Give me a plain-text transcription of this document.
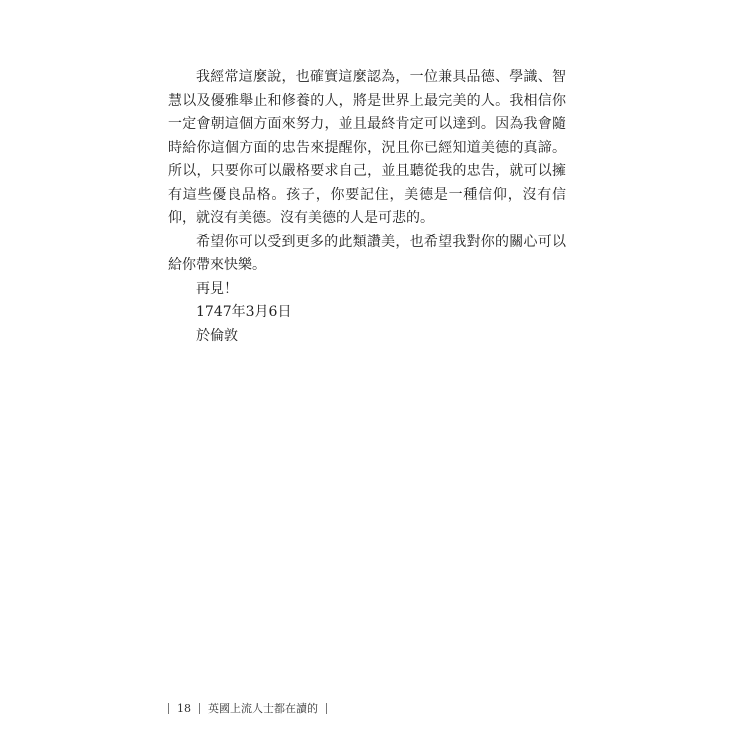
我經常這麼說，也確實這麼認為，一位兼具品德、學識、智慧以及優雅舉止和修養的人，將是世界上最完美的人。我相信你一定會朝這個方面來努力，並且最終肯定可以達到。因為我會隨時給你這個方面的忠告來提醒你，況且你已經知道美德的真諦。所以，只要你可以嚴格要求自己，並且聽從我的忠告，就可以擁有這些優良品格。孩子，你要記住，美德是一種信仰，沒有信仰，就沒有美德。沒有美德的人是可悲的。

希望你可以受到更多的此類讚美，也希望我對你的關心可以給你帶來快樂。

再見！

1747年3月6日

於倫敦

18 英國上流人士都在讀的
